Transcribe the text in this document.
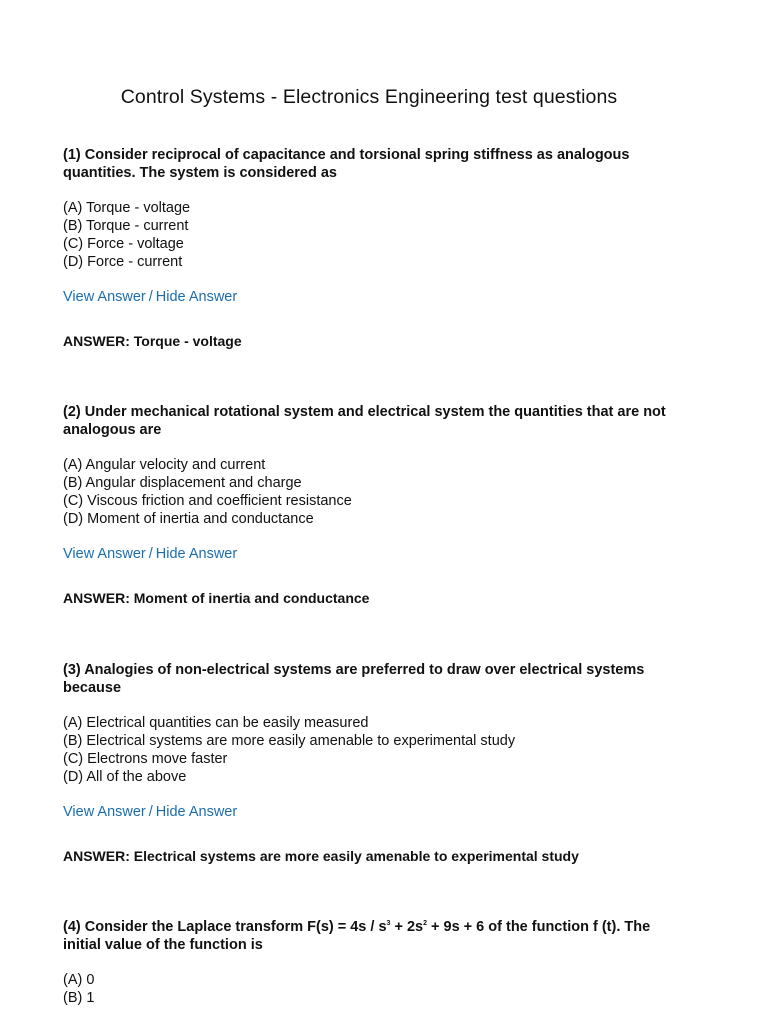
Control Systems - Electronics Engineering test questions
(1) Consider reciprocal of capacitance and torsional spring stiffness as analogous
quantities. The system is considered as
(A) Torque - voltage
(B) Torque - current
(C) Force - voltage
(D) Force - current
View Answer / Hide Answer
ANSWER: Torque - voltage
(2) Under mechanical rotational system and electrical system the quantities that are not
analogous are
(A) Angular velocity and current
(B) Angular displacement and charge
(C) Viscous friction and coefficient resistance
(D) Moment of inertia and conductance
View Answer / Hide Answer
ANSWER: Moment of inertia and conductance
(3) Analogies of non-electrical systems are preferred to draw over electrical systems
because
(A) Electrical quantities can be easily measured
(B) Electrical systems are more easily amenable to experimental study
(C) Electrons move faster
(D) All of the above
View Answer / Hide Answer
ANSWER: Electrical systems are more easily amenable to experimental study
(4) Consider the Laplace transform $F(s) = 4s / s^3 + 2s^2 + 9s + 6$ of the function f (t). The
initial value of the function is
(A) 0
(B) 1
